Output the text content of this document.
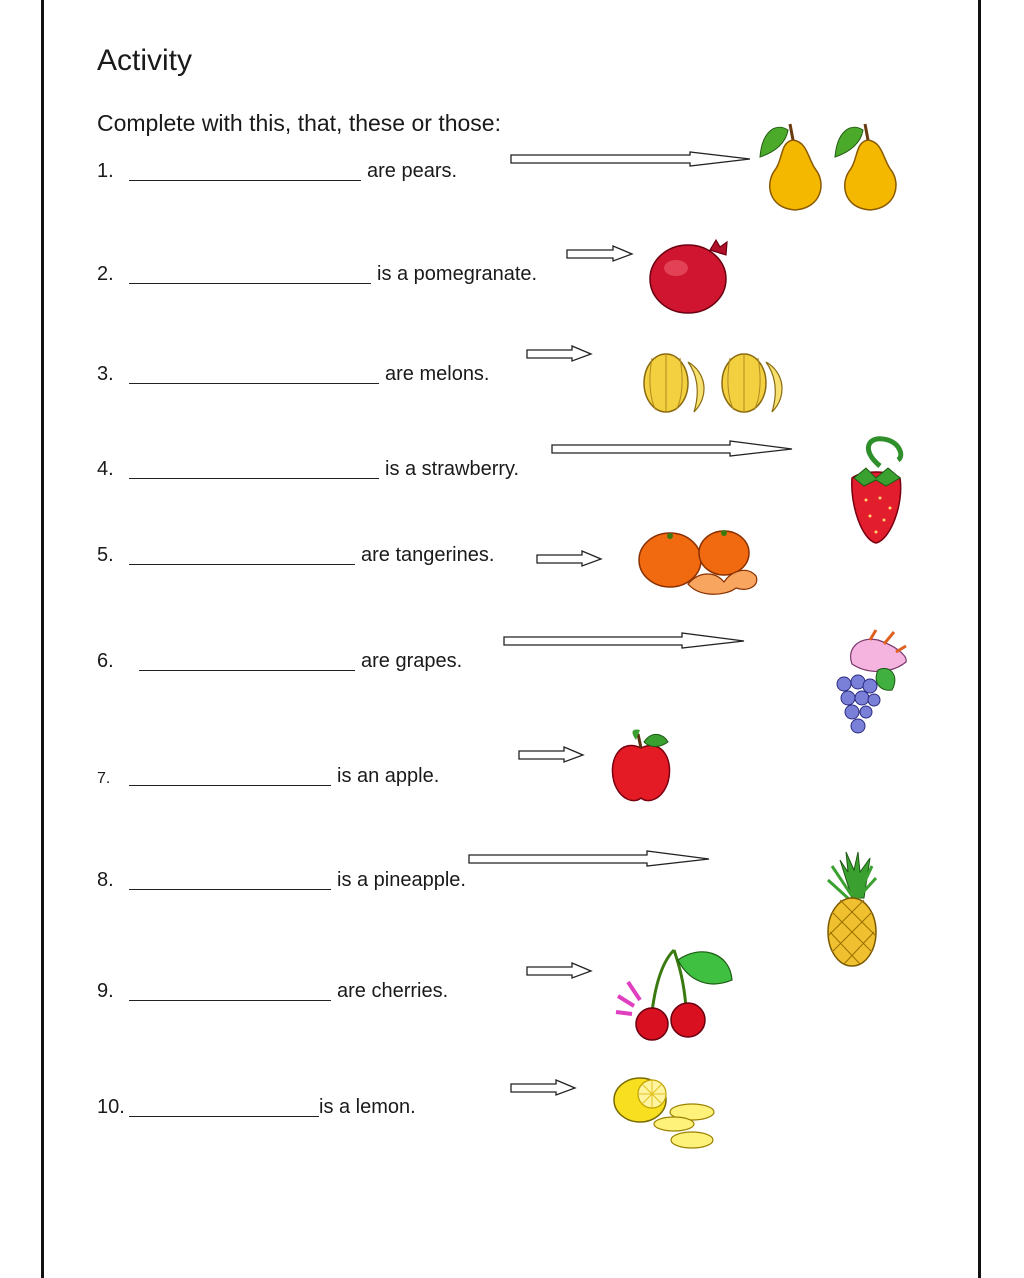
Activity
Complete with this, that, these or those:
1.	are pears.
2.	is a pomegranate.
3.	are melons.
4.	is a strawberry.
5.	are tangerines.
6.	are grapes.
7.	is an apple.
8.	is a pineapple.
9.	are cherries.
10.	is a lemon.
